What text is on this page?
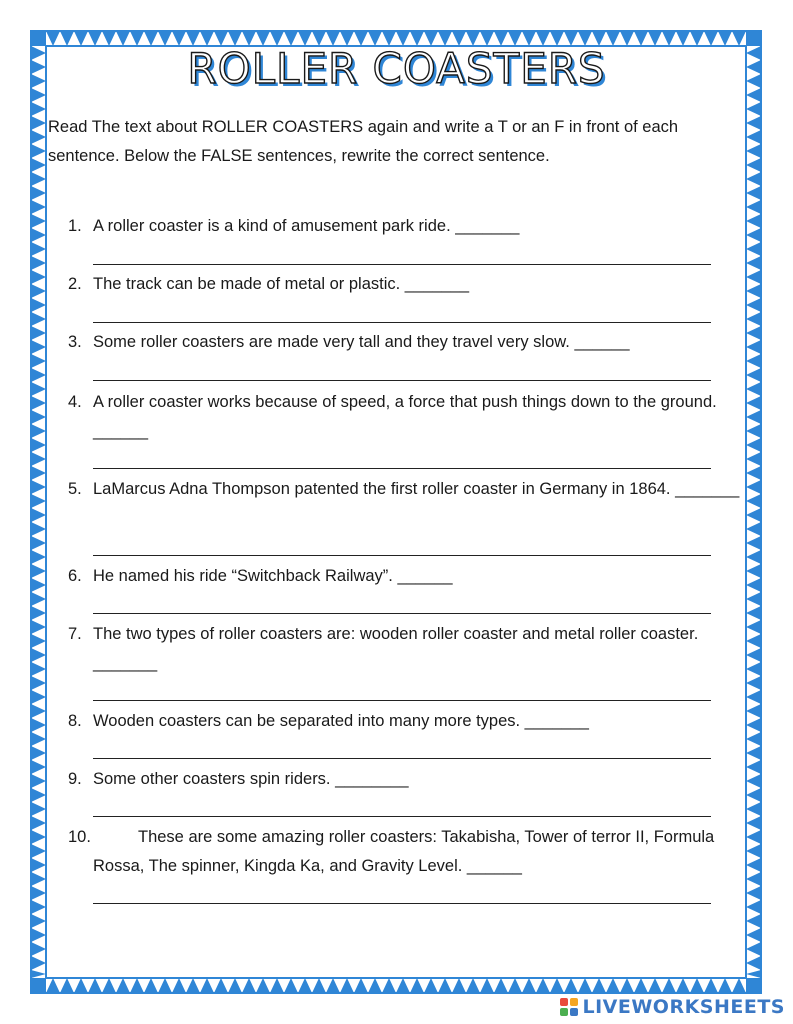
ROLLER COASTERS
Read The text about ROLLER COASTERS again and write a T or an F in front of each sentence. Below the FALSE sentences, rewrite the correct sentence.
1. A roller coaster is a kind of amusement park ride. _______
2. The track can be made of metal or plastic. _______
3. Some roller coasters are made very tall and they travel very slow. ______
4. A roller coaster works because of speed, a force that push things down to the ground. ______
5. LaMarcus Adna Thompson patented the first roller coaster in Germany in 1864. _______
6. He named his ride “Switchback Railway”. ______
7. The two types of roller coasters are: wooden roller coaster and metal roller coaster. _______
8. Wooden coasters can be separated into many more types. _______
9. Some other coasters spin riders. ________
10.	These are some amazing roller coasters: Takabisha, Tower of terror II, Formula Rossa, The spinner, Kingda Ka, and Gravity Level. ______
LIVEWORKSHEETS
